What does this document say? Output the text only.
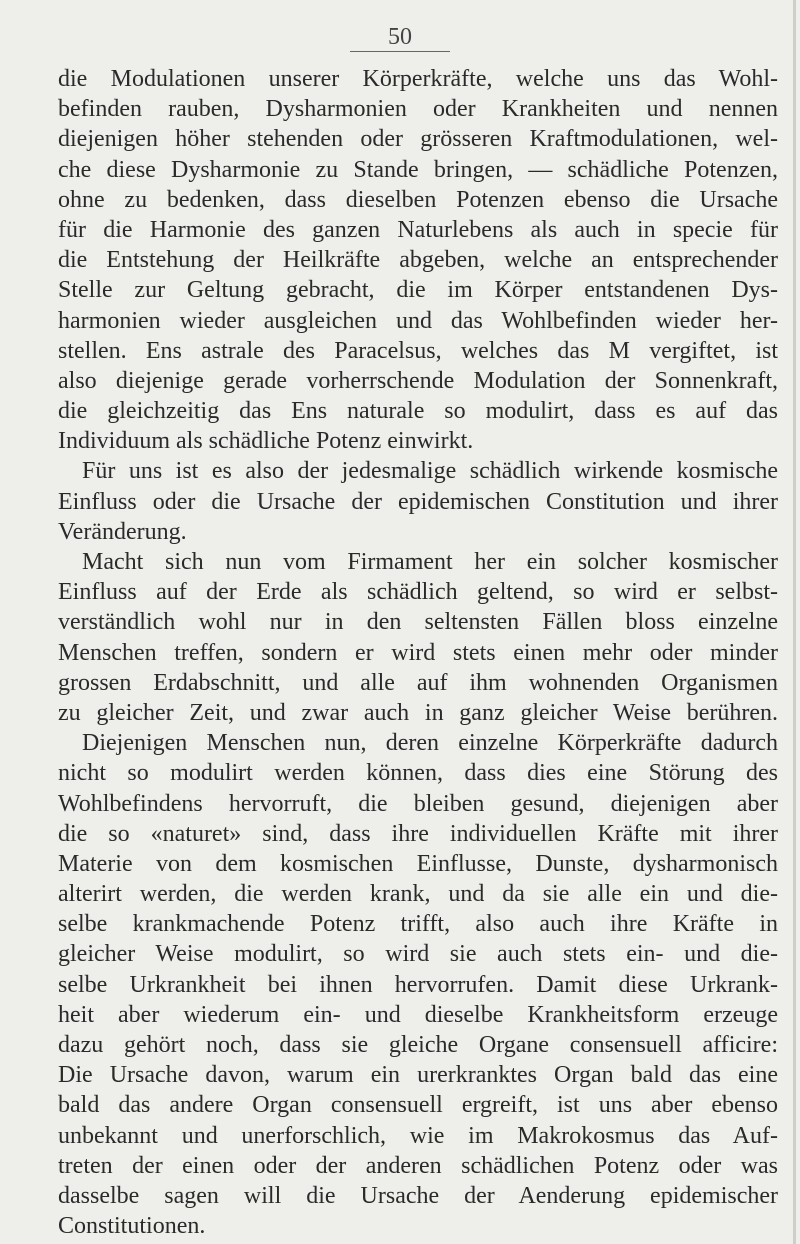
50
die Modulationen unserer Körperkräfte, welche uns das Wohl-
befinden rauben, Dysharmonien oder Krankheiten und nennen
diejenigen höher stehenden oder grösseren Kraftmodulationen, wel-
che diese Dysharmonie zu Stande bringen, — schädliche Potenzen,
ohne zu bedenken, dass dieselben Potenzen ebenso die Ursache
für die Harmonie des ganzen Naturlebens als auch in specie für
die Entstehung der Heilkräfte abgeben, welche an entsprechender
Stelle zur Geltung gebracht, die im Körper entstandenen Dys-
harmonien wieder ausgleichen und das Wohlbefinden wieder her-
stellen. Ens astrale des Paracelsus, welches das M vergiftet, ist
also diejenige gerade vorherrschende Modulation der Sonnenkraft,
die gleichzeitig das Ens naturale so modulirt, dass es auf das
Individuum als schädliche Potenz einwirkt.
Für uns ist es also der jedesmalige schädlich wirkende kosmische
Einfluss oder die Ursache der epidemischen Constitution und ihrer
Veränderung.
Macht sich nun vom Firmament her ein solcher kosmischer
Einfluss auf der Erde als schädlich geltend, so wird er selbst-
verständlich wohl nur in den seltensten Fällen bloss einzelne
Menschen treffen, sondern er wird stets einen mehr oder minder
grossen Erdabschnitt, und alle auf ihm wohnenden Organismen
zu gleicher Zeit, und zwar auch in ganz gleicher Weise berühren.
Diejenigen Menschen nun, deren einzelne Körperkräfte dadurch
nicht so modulirt werden können, dass dies eine Störung des
Wohlbefindens hervorruft, die bleiben gesund, diejenigen aber
die so «naturet» sind, dass ihre individuellen Kräfte mit ihrer
Materie von dem kosmischen Einflusse, Dunste, dysharmonisch
alterirt werden, die werden krank, und da sie alle ein und die-
selbe krankmachende Potenz trifft, also auch ihre Kräfte in
gleicher Weise modulirt, so wird sie auch stets ein- und die-
selbe Urkrankheit bei ihnen hervorrufen. Damit diese Urkrank-
heit aber wiederum ein- und dieselbe Krankheitsform erzeuge
dazu gehört noch, dass sie gleiche Organe consensuell afficire:
Die Ursache davon, warum ein urerkranktes Organ bald das eine
bald das andere Organ consensuell ergreift, ist uns aber ebenso
unbekannt und unerforschlich, wie im Makrokosmus das Auf-
treten der einen oder der anderen schädlichen Potenz oder was
dasselbe sagen will die Ursache der Aenderung epidemischer
Constitutionen.
